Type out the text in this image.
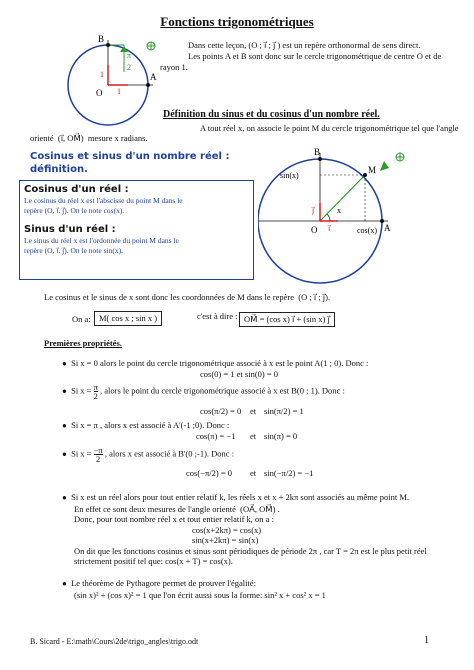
Fonctions trigonométriques
B
A
O
π
2
1
1
Dans cette leçon, (O ; i⃗ ; j⃗ ) est un repère orthonormal de sens direct.
Les points A et B sont donc sur le cercle trigonométrique de centre O et de
rayon 1.
Définition du sinus et du cosinus d'un nombre réel.
A tout réel x, on associe le point M du cercle trigonométrique tel que l'angle
orienté (i⃗, OM⃗) mesure x radians.
Cosinus et sinus d'un nombre réel :
définition.
Cosinus d'un réel :
Le cosinus du réel x est l'abscisse du point M dans le
repère (O, i⃗, j⃗). On le note cos(x).
Sinus d'un réel :
Le sinus du réel x est l'ordonnée du point M dans le
repère (O, i⃗, j⃗). On le note sin(x).
B
M
A
O
sin(x)
cos(x)
x
i⃗
j⃗
Le cosinus et le sinus de x sont donc les coordonnées de M dans le repère (O ; i⃗ ; j⃗).
On a: M( cos x ; sin x )	c'est à dire : OM⃗ = (cos x) i⃗ + (sin x) j⃗
Premières propriétés.
● Si x = 0 alors le point du cercle trigonométrique associé à x est le point A(1 ; 0). Donc :
cos(0) = 1 et sin(0) = 0
● Si $x = \frac{\pi}{2}$ , alors le point du cercle trigonométrique associé à x est B(0 ; 1). Donc :
cos(π/2) = 0 et sin(π/2) = 1
● Si x = π , alors x est associé à A'(-1 ;0). Donc :
cos(π) = −1 et sin(π) = 0
● Si $x = \frac{-\pi}{2}$ , alors x est associé à B'(0 ;-1). Donc :
cos(−π/2) = 0 et sin(−π/2) = −1
● Si x est un réel alors pour tout entier relatif k, les réels x et x + 2kπ sont associés au même point M.
En effet ce sont deux mesures de l'angle orienté (OA⃗, OM⃗) .
Donc, pour tout nombre réel x et tout entier relatif k, on a :
cos(x+2kπ) = cos(x)
sin(x+2kπ) = sin(x)
On dit que les fonctions cosinus et sinus sont périodiques de période 2π , car T = 2π est le plus petit réel
strictement positif tel que: cos(x + T) = cos(x).
● Le théorème de Pythagore permet de prouver l'égalité:
(sin x)² + (cos x)² = 1 que l'on écrit aussi sous la forme: sin² x + cos² x = 1
B. Sicard - E:\math\Cours\2de\trigo_angles\trigo.odt	1
